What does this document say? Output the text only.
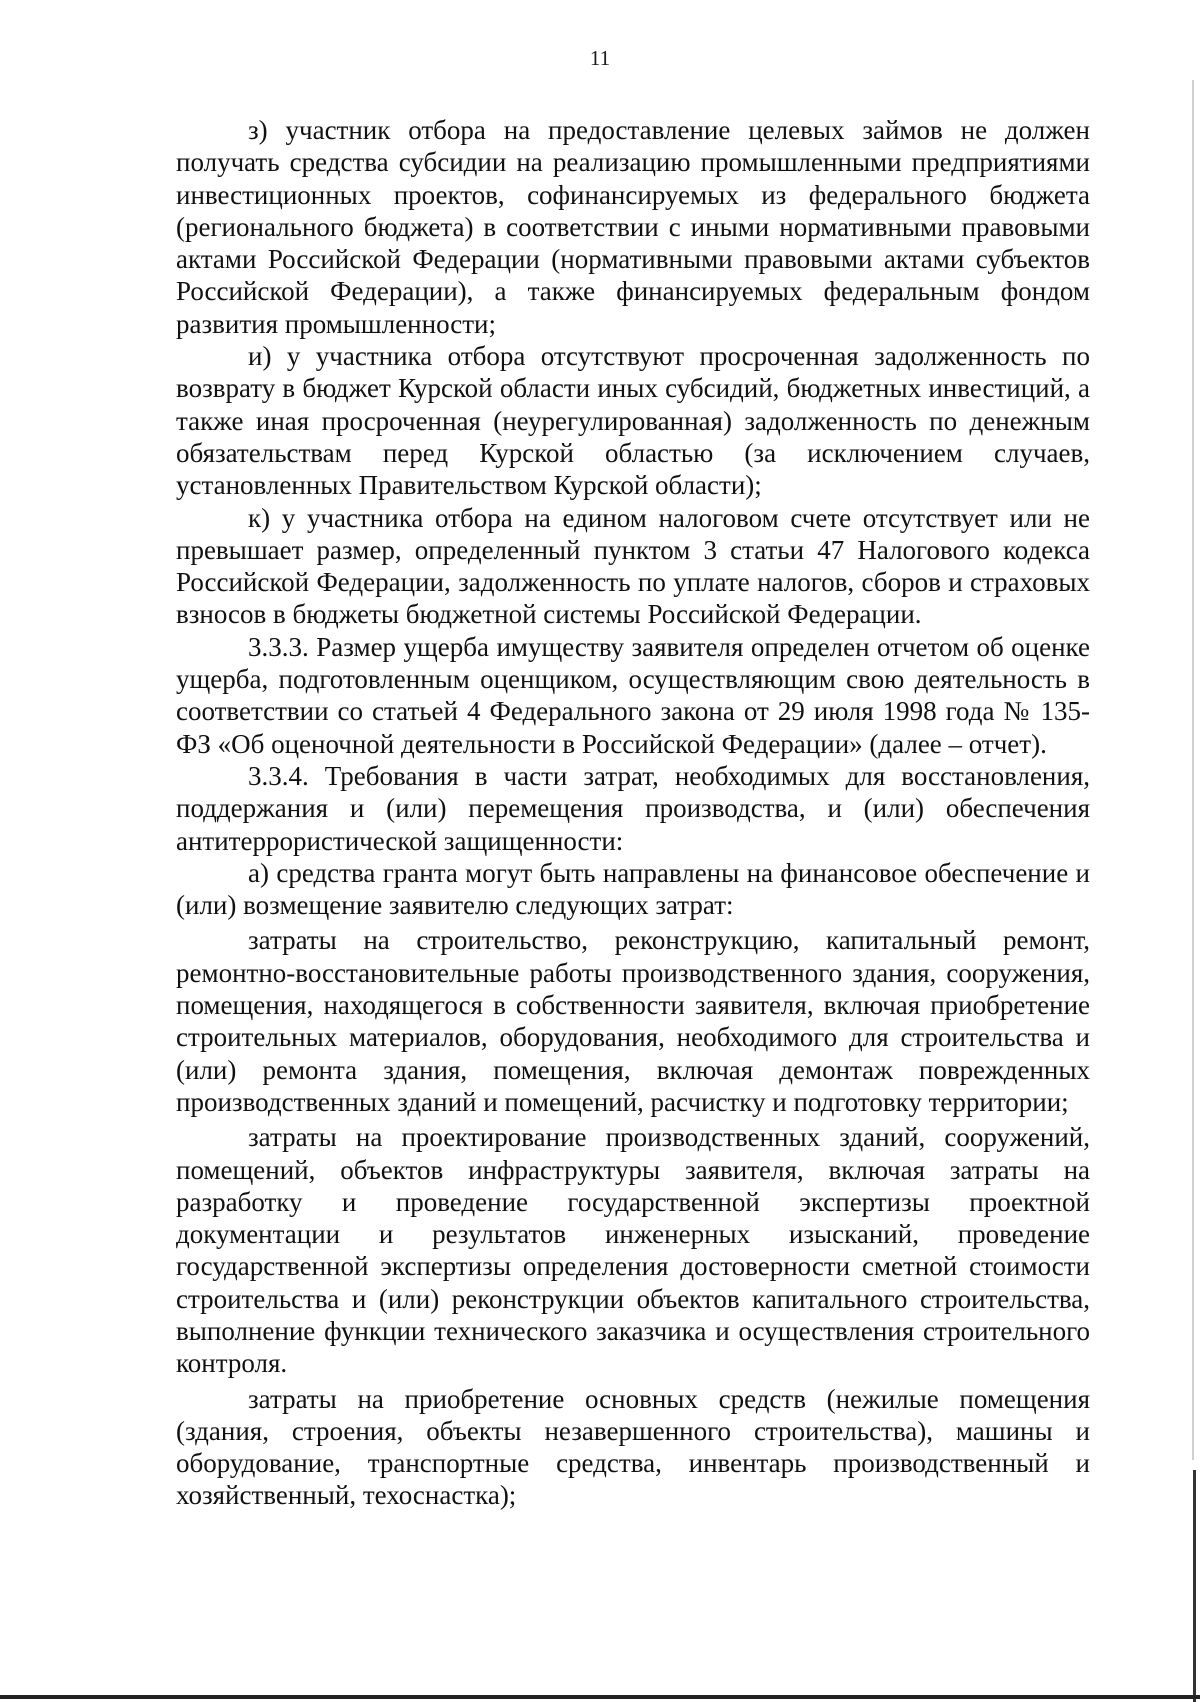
11

з) участник отбора на предоставление целевых займов не должен получать средства субсидии на реализацию промышленными предприятиями инвестиционных проектов, софинансируемых из федерального бюджета (регионального бюджета) в соответствии с иными нормативными правовыми актами Российской Федерации (нормативными правовыми актами субъектов Российской Федерации), а также финансируемых федеральным фондом развития промышленности;

и) у участника отбора отсутствуют просроченная задолженность по возврату в бюджет Курской области иных субсидий, бюджетных инвестиций, а также иная просроченная (неурегулированная) задолженность по денежным обязательствам перед Курской областью (за исключением случаев, установленных Правительством Курской области);

к) у участника отбора на едином налоговом счете отсутствует или не превышает размер, определенный пунктом 3 статьи 47 Налогового кодекса Российской Федерации, задолженность по уплате налогов, сборов и страховых взносов в бюджеты бюджетной системы Российской Федерации.

3.3.3. Размер ущерба имуществу заявителя определен отчетом об оценке ущерба, подготовленным оценщиком, осуществляющим свою деятельность в соответствии со статьей 4 Федерального закона от 29 июля 1998 года № 135-ФЗ «Об оценочной деятельности в Российской Федерации» (далее – отчет).

3.3.4. Требования в части затрат, необходимых для восстановления, поддержания и (или) перемещения производства, и (или) обеспечения антитеррористической защищенности:

а) средства гранта могут быть направлены на финансовое обеспечение и (или) возмещение заявителю следующих затрат:

затраты на строительство, реконструкцию, капитальный ремонт, ремонтно-восстановительные работы производственного здания, сооружения, помещения, находящегося в собственности заявителя, включая приобретение строительных материалов, оборудования, необходимого для строительства и (или) ремонта здания, помещения, включая демонтаж поврежденных производственных зданий и помещений, расчистку и подготовку территории;

затраты на проектирование производственных зданий, сооружений, помещений, объектов инфраструктуры заявителя, включая затраты на разработку и проведение государственной экспертизы проектной документации и результатов инженерных изысканий, проведение государственной экспертизы определения достоверности сметной стоимости строительства и (или) реконструкции объектов капитального строительства, выполнение функции технического заказчика и осуществления строительного контроля.

затраты на приобретение основных средств (нежилые помещения (здания, строения, объекты незавершенного строительства), машины и оборудование, транспортные средства, инвентарь производственный и хозяйственный, техоснастка);
